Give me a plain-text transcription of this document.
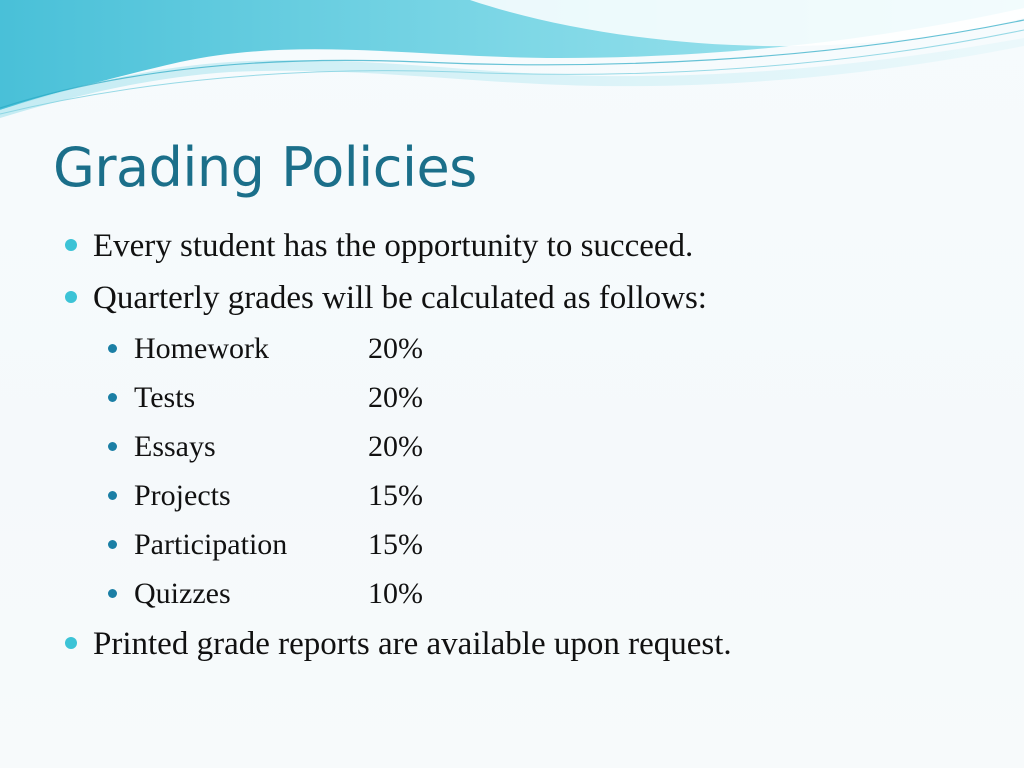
Grading Policies
Every student has the opportunity to succeed.
Quarterly grades will be calculated as follows:
Homework	20%
Tests	20%
Essays	20%
Projects	15%
Participation	15%
Quizzes	10%
Printed grade reports are available upon request.
